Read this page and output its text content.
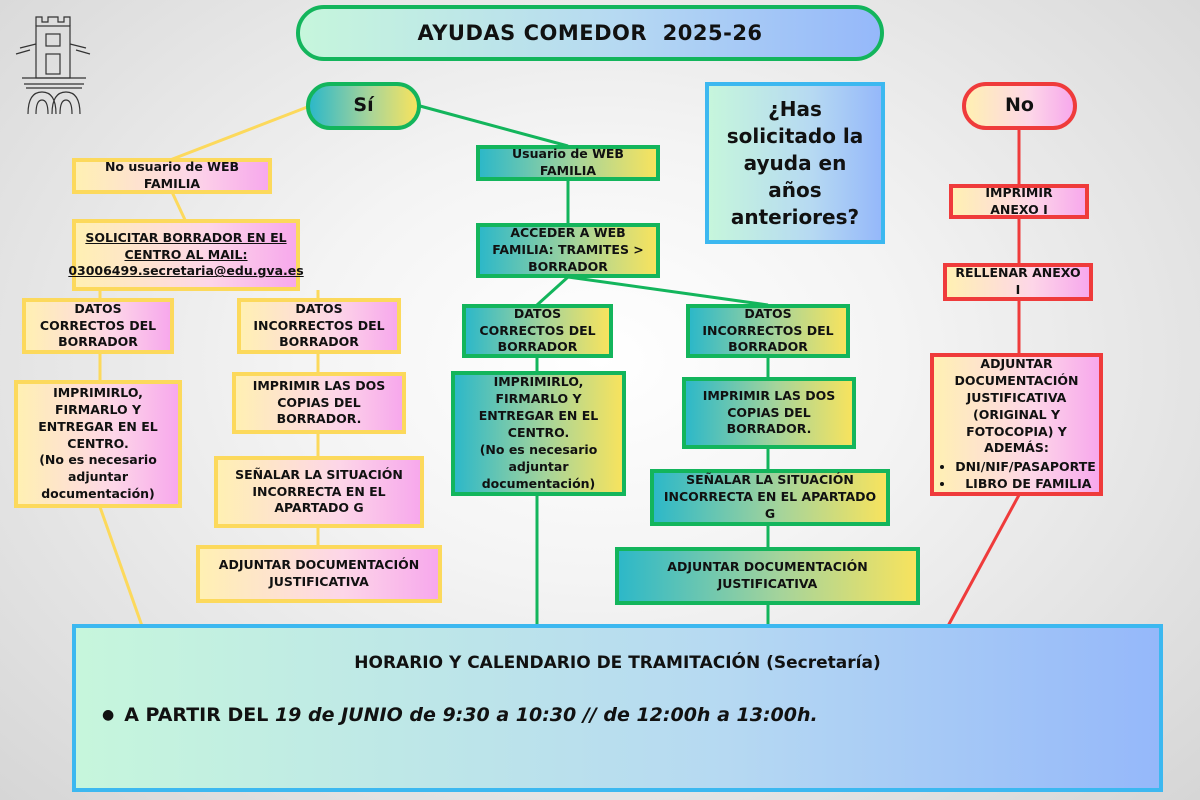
AYUDAS COMEDOR  2025-26
Sí	No
¿Has solicitado la ayuda en años anteriores?
No usuario de WEB FAMILIA
SOLICITAR BORRADOR EN EL CENTRO AL MAIL:
03006499.secretaria@edu.gva.es
DATOS CORRECTOS DEL BORRADOR
DATOS INCORRECTOS DEL BORRADOR
IMPRIMIRLO, FIRMARLO Y ENTREGAR EN EL CENTRO.
(No es necesario adjuntar documentación)
IMPRIMIR LAS DOS COPIAS DEL BORRADOR.
SEÑALAR LA SITUACIÓN INCORRECTA EN EL APARTADO G
ADJUNTAR DOCUMENTACIÓN JUSTIFICATIVA
Usuario de WEB FAMILIA
ACCEDER A WEB FAMILIA: TRAMITES > BORRADOR
DATOS CORRECTOS DEL BORRADOR
DATOS INCORRECTOS DEL BORRADOR
IMPRIMIRLO, FIRMARLO Y ENTREGAR EN EL CENTRO.
(No es necesario adjuntar documentación)
IMPRIMIR LAS DOS COPIAS DEL BORRADOR.
SEÑALAR LA SITUACIÓN INCORRECTA EN EL APARTADO G
ADJUNTAR DOCUMENTACIÓN JUSTIFICATIVA
IMPRIMIR ANEXO I
RELLENAR ANEXO I
ADJUNTAR DOCUMENTACIÓN JUSTIFICATIVA (ORIGINAL Y FOTOCOPIA) Y ADEMÁS:
• DNI/NIF/PASAPORTE
• LIBRO DE FAMILIA
HORARIO Y CALENDARIO DE TRAMITACIÓN (Secretaría)
● A PARTIR DEL 19 de JUNIO de 9:30 a 10:30 // de 12:00h a 13:00h.
